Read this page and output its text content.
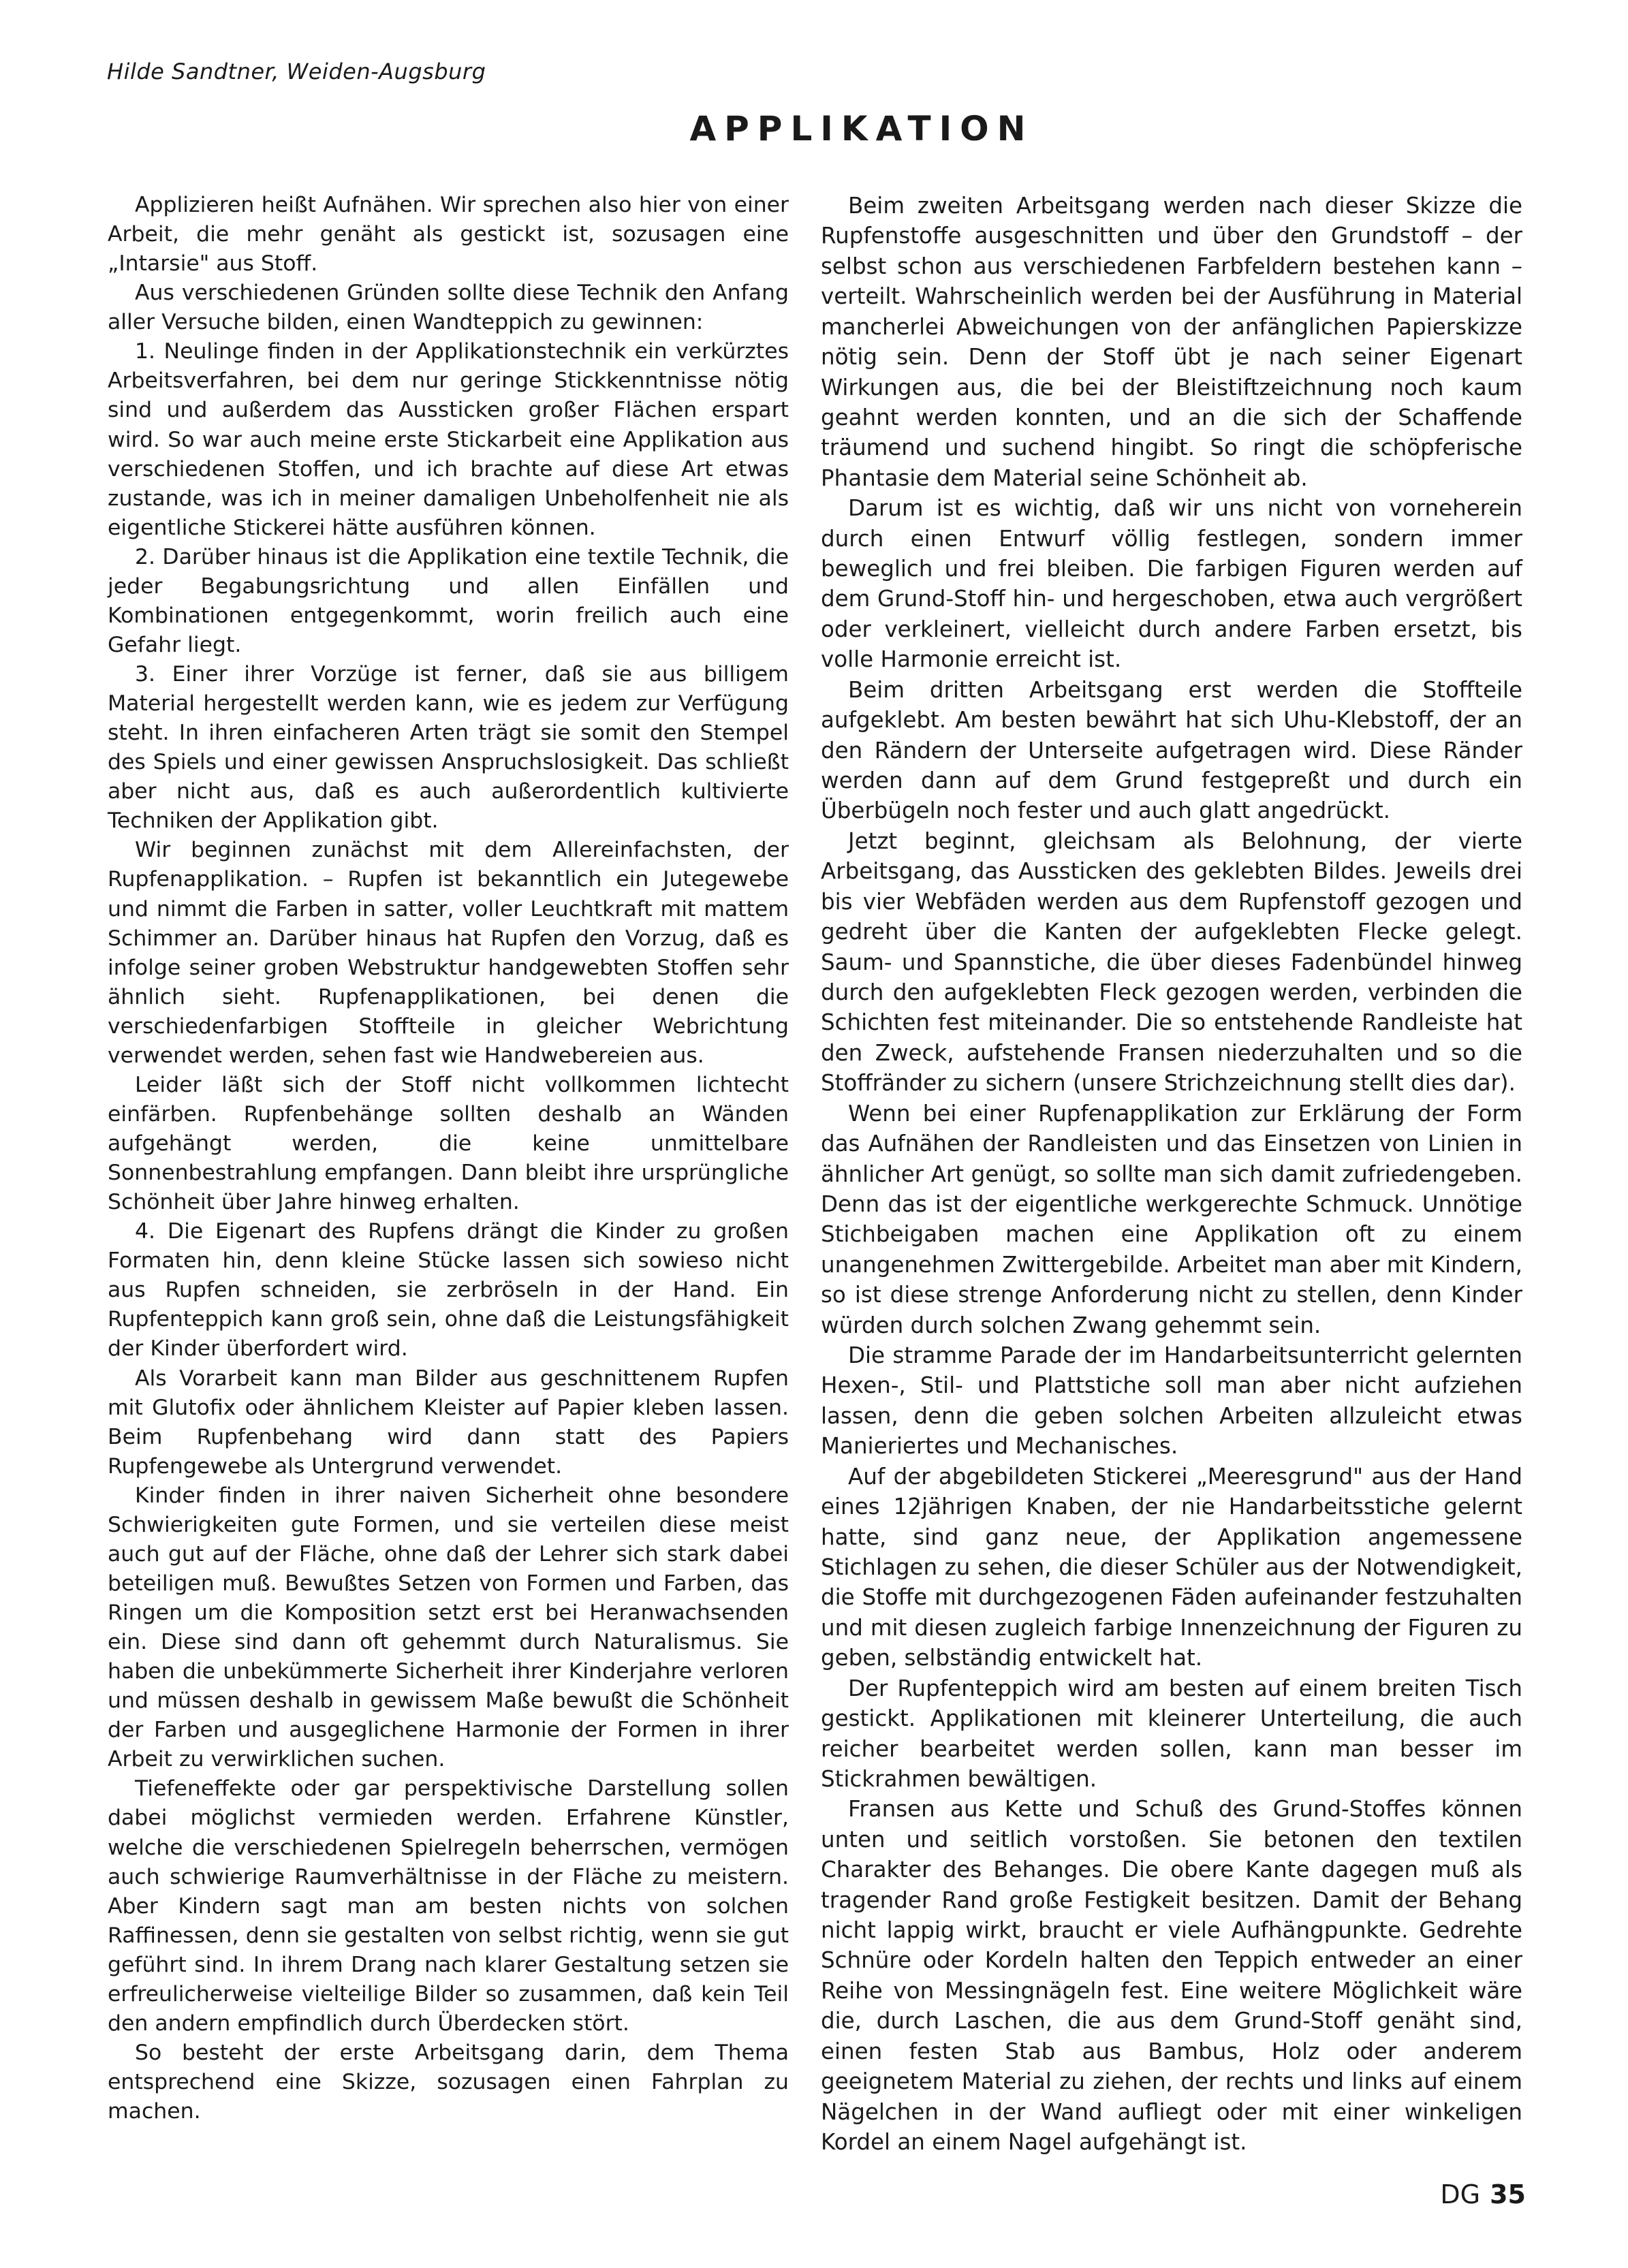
Hilde Sandtner, Weiden-Augsburg
APPLIKATION

Applizieren heißt Aufnähen. Wir sprechen also hier von einer Arbeit, die mehr genäht als gestickt ist, sozusagen eine „Intarsie" aus Stoff.

Aus verschiedenen Gründen sollte diese Technik den Anfang aller Versuche bilden, einen Wandteppich zu gewinnen:

1. Neulinge finden in der Applikationstechnik ein verkürztes Arbeitsverfahren, bei dem nur geringe Stickkenntnisse nötig sind und außerdem das Aussticken großer Flächen erspart wird. So war auch meine erste Stickarbeit eine Applikation aus verschiedenen Stoffen, und ich brachte auf diese Art etwas zustande, was ich in meiner damaligen Unbeholfenheit nie als eigentliche Stickerei hätte ausführen können.

2. Darüber hinaus ist die Applikation eine textile Technik, die jeder Begabungsrichtung und allen Einfällen und Kombinationen entgegenkommt, worin freilich auch eine Gefahr liegt.

3. Einer ihrer Vorzüge ist ferner, daß sie aus billigem Material hergestellt werden kann, wie es jedem zur Verfügung steht. In ihren einfacheren Arten trägt sie somit den Stempel des Spiels und einer gewissen Anspruchslosigkeit. Das schließt aber nicht aus, daß es auch außerordentlich kultivierte Techniken der Applikation gibt.

Wir beginnen zunächst mit dem Allereinfachsten, der Rupfenapplikation. – Rupfen ist bekanntlich ein Jutegewebe und nimmt die Farben in satter, voller Leuchtkraft mit mattem Schimmer an. Darüber hinaus hat Rupfen den Vorzug, daß es infolge seiner groben Webstruktur handgewebten Stoffen sehr ähnlich sieht. Rupfenapplikationen, bei denen die verschiedenfarbigen Stoffteile in gleicher Webrichtung verwendet werden, sehen fast wie Handwebereien aus.

Leider läßt sich der Stoff nicht vollkommen lichtecht einfärben. Rupfenbehänge sollten deshalb an Wänden aufgehängt werden, die keine unmittelbare Sonnenbestrahlung empfangen. Dann bleibt ihre ursprüngliche Schönheit über Jahre hinweg erhalten.

4. Die Eigenart des Rupfens drängt die Kinder zu großen Formaten hin, denn kleine Stücke lassen sich sowieso nicht aus Rupfen schneiden, sie zerbröseln in der Hand. Ein Rupfenteppich kann groß sein, ohne daß die Leistungsfähigkeit der Kinder überfordert wird.

Als Vorarbeit kann man Bilder aus geschnittenem Rupfen mit Glutofix oder ähnlichem Kleister auf Papier kleben lassen. Beim Rupfenbehang wird dann statt des Papiers Rupfengewebe als Untergrund verwendet.

Kinder finden in ihrer naiven Sicherheit ohne besondere Schwierigkeiten gute Formen, und sie verteilen diese meist auch gut auf der Fläche, ohne daß der Lehrer sich stark dabei beteiligen muß. Bewußtes Setzen von Formen und Farben, das Ringen um die Komposition setzt erst bei Heranwachsenden ein. Diese sind dann oft gehemmt durch Naturalismus. Sie haben die unbekümmerte Sicherheit ihrer Kinderjahre verloren und müssen deshalb in gewissem Maße bewußt die Schönheit der Farben und ausgeglichene Harmonie der Formen in ihrer Arbeit zu verwirklichen suchen.

Tiefeneffekte oder gar perspektivische Darstellung sollen dabei möglichst vermieden werden. Erfahrene Künstler, welche die verschiedenen Spielregeln beherrschen, vermögen auch schwierige Raumverhältnisse in der Fläche zu meistern. Aber Kindern sagt man am besten nichts von solchen Raffinessen, denn sie gestalten von selbst richtig, wenn sie gut geführt sind. In ihrem Drang nach klarer Gestaltung setzen sie erfreulicherweise vielteilige Bilder so zusammen, daß kein Teil den andern empfindlich durch Überdecken stört.

So besteht der erste Arbeitsgang darin, dem Thema entsprechend eine Skizze, sozusagen einen Fahrplan zu machen.

Beim zweiten Arbeitsgang werden nach dieser Skizze die Rupfenstoffe ausgeschnitten und über den Grundstoff – der selbst schon aus verschiedenen Farbfeldern bestehen kann – verteilt. Wahrscheinlich werden bei der Ausführung in Material mancherlei Abweichungen von der anfänglichen Papierskizze nötig sein. Denn der Stoff übt je nach seiner Eigenart Wirkungen aus, die bei der Bleistiftzeichnung noch kaum geahnt werden konnten, und an die sich der Schaffende träumend und suchend hingibt. So ringt die schöpferische Phantasie dem Material seine Schönheit ab.

Darum ist es wichtig, daß wir uns nicht von vorneherein durch einen Entwurf völlig festlegen, sondern immer beweglich und frei bleiben. Die farbigen Figuren werden auf dem Grund-Stoff hin- und hergeschoben, etwa auch vergrößert oder verkleinert, vielleicht durch andere Farben ersetzt, bis volle Harmonie erreicht ist.

Beim dritten Arbeitsgang erst werden die Stoffteile aufgeklebt. Am besten bewährt hat sich Uhu-Klebstoff, der an den Rändern der Unterseite aufgetragen wird. Diese Ränder werden dann auf dem Grund festgepreßt und durch ein Überbügeln noch fester und auch glatt angedrückt.

Jetzt beginnt, gleichsam als Belohnung, der vierte Arbeitsgang, das Aussticken des geklebten Bildes. Jeweils drei bis vier Webfäden werden aus dem Rupfenstoff gezogen und gedreht über die Kanten der aufgeklebten Flecke gelegt. Saum- und Spannstiche, die über dieses Fadenbündel hinweg durch den aufgeklebten Fleck gezogen werden, verbinden die Schichten fest miteinander. Die so entstehende Randleiste hat den Zweck, aufstehende Fransen niederzuhalten und so die Stoffränder zu sichern (unsere Strichzeichnung stellt dies dar).

Wenn bei einer Rupfenapplikation zur Erklärung der Form das Aufnähen der Randleisten und das Einsetzen von Linien in ähnlicher Art genügt, so sollte man sich damit zufriedengeben. Denn das ist der eigentliche werkgerechte Schmuck. Unnötige Stichbeigaben machen eine Applikation oft zu einem unangenehmen Zwittergebilde. Arbeitet man aber mit Kindern, so ist diese strenge Anforderung nicht zu stellen, denn Kinder würden durch solchen Zwang gehemmt sein.

Die stramme Parade der im Handarbeitsunterricht gelernten Hexen-, Stil- und Plattstiche soll man aber nicht aufziehen lassen, denn die geben solchen Arbeiten allzuleicht etwas Manieriertes und Mechanisches.

Auf der abgebildeten Stickerei „Meeresgrund" aus der Hand eines 12jährigen Knaben, der nie Handarbeitsstiche gelernt hatte, sind ganz neue, der Applikation angemessene Stichlagen zu sehen, die dieser Schüler aus der Notwendigkeit, die Stoffe mit durchgezogenen Fäden aufeinander festzuhalten und mit diesen zugleich farbige Innenzeichnung der Figuren zu geben, selbständig entwickelt hat.

Der Rupfenteppich wird am besten auf einem breiten Tisch gestickt. Applikationen mit kleinerer Unterteilung, die auch reicher bearbeitet werden sollen, kann man besser im Stickrahmen bewältigen.

Fransen aus Kette und Schuß des Grund-Stoffes können unten und seitlich vorstoßen. Sie betonen den textilen Charakter des Behanges. Die obere Kante dagegen muß als tragender Rand große Festigkeit besitzen. Damit der Behang nicht lappig wirkt, braucht er viele Aufhängpunkte. Gedrehte Schnüre oder Kordeln halten den Teppich entweder an einer Reihe von Messingnägeln fest. Eine weitere Möglichkeit wäre die, durch Laschen, die aus dem Grund-Stoff genäht sind, einen festen Stab aus Bambus, Holz oder anderem geeignetem Material zu ziehen, der rechts und links auf einem Nägelchen in der Wand aufliegt oder mit einer winkeligen Kordel an einem Nagel aufgehängt ist.

DG 35
